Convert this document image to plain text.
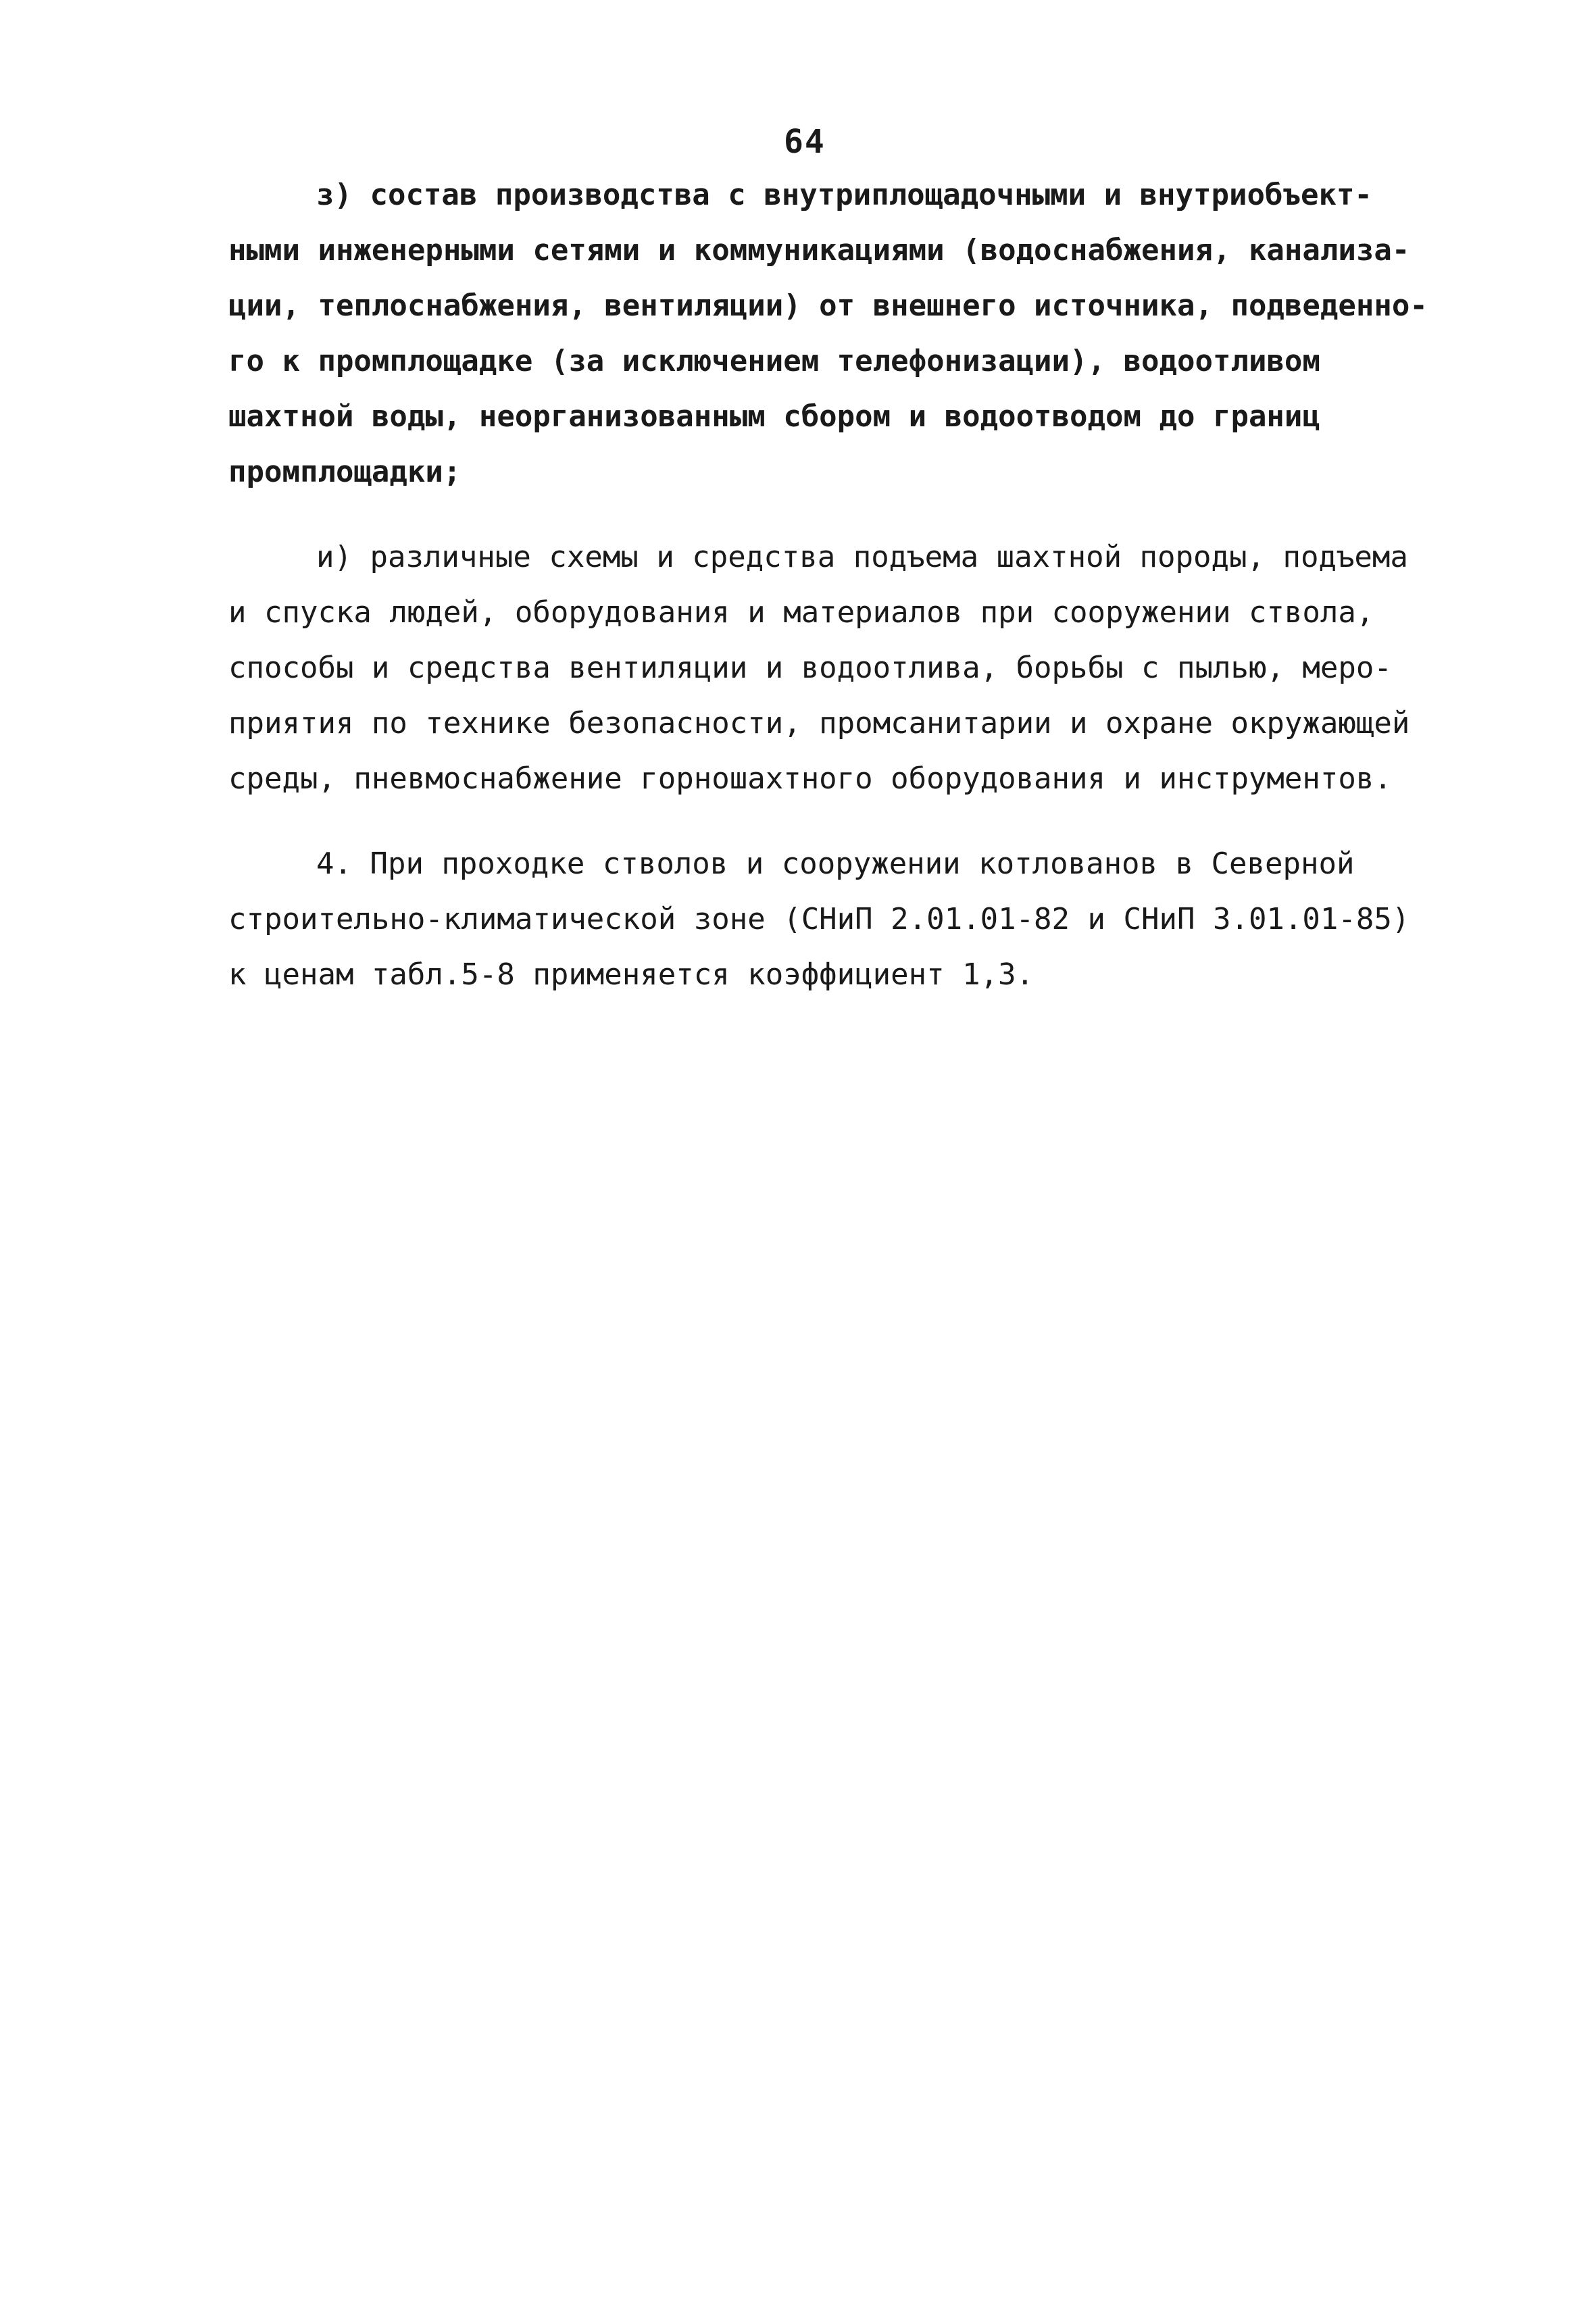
64
з) состав производства с внутриплощадочными и внутриобъект-
ными инженерными сетями и коммуникациями (водоснабжения, канализа-
ции, теплоснабжения, вентиляции) от внешнего источника, подведенно-
го к промплощадке (за исключением телефонизации), водоотливом
шахтной воды, неорганизованным сбором и водоотводом до границ
промплощадки;
и) различные схемы и средства подъема шахтной породы, подъема
и спуска людей, оборудования и материалов при сооружении ствола,
способы и средства вентиляции и водоотлива, борьбы с пылью, меро-
приятия по технике безопасности, промсанитарии и охране окружающей
среды, пневмоснабжение горношахтного оборудования и инструментов.
4. При проходке стволов и сооружении котлованов в Северной
строительно-климатической зоне (СНиП 2.01.01-82 и СНиП 3.01.01-85)
к ценам табл.5-8 применяется коэффициент 1,3.
